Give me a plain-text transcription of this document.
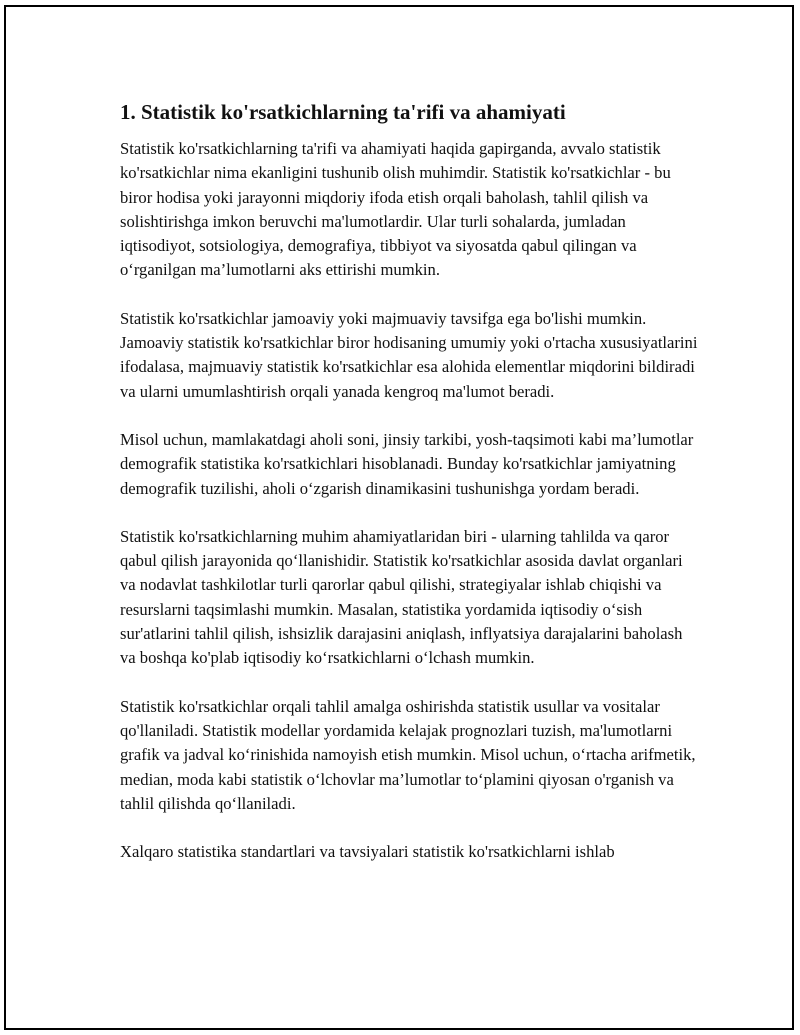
1. Statistik ko'rsatkichlarning ta'rifi va ahamiyati

Statistik ko'rsatkichlarning ta'rifi va ahamiyati haqida gapirganda, avvalo statistik ko'rsatkichlar nima ekanligini tushunib olish muhimdir. Statistik ko'rsatkichlar - bu biror hodisa yoki jarayonni miqdoriy ifoda etish orqali baholash, tahlil qilish va solishtirishga imkon beruvchi ma'lumotlardir. Ular turli sohalarda, jumladan iqtisodiyot, sotsiologiya, demografiya, tibbiyot va siyosatda qabul qilingan va o‘rganilgan ma’lumotlarni aks ettirishi mumkin.

Statistik ko'rsatkichlar jamoaviy yoki majmuaviy tavsifga ega bo'lishi mumkin. Jamoaviy statistik ko'rsatkichlar biror hodisaning umumiy yoki o'rtacha xususiyatlarini ifodalasa, majmuaviy statistik ko'rsatkichlar esa alohida elementlar miqdorini bildiradi va ularni umumlashtirish orqali yanada kengroq ma'lumot beradi.

Misol uchun, mamlakatdagi aholi soni, jinsiy tarkibi, yosh-taqsimoti kabi ma’lumotlar demografik statistika ko'rsatkichlari hisoblanadi. Bunday ko'rsatkichlar jamiyatning demografik tuzilishi, aholi o‘zgarish dinamikasini tushunishga yordam beradi.

Statistik ko'rsatkichlarning muhim ahamiyatlaridan biri - ularning tahlilda va qaror qabul qilish jarayonida qo‘llanishidir. Statistik ko'rsatkichlar asosida davlat organlari va nodavlat tashkilotlar turli qarorlar qabul qilishi, strategiyalar ishlab chiqishi va resurslarni taqsimlashi mumkin. Masalan, statistika yordamida iqtisodiy o‘sish sur'atlarini tahlil qilish, ishsizlik darajasini aniqlash, inflyatsiya darajalarini baholash va boshqa ko'plab iqtisodiy ko‘rsatkichlarni o‘lchash mumkin.

Statistik ko'rsatkichlar orqali tahlil amalga oshirishda statistik usullar va vositalar qo'llaniladi. Statistik modellar yordamida kelajak prognozlari tuzish, ma'lumotlarni grafik va jadval ko‘rinishida namoyish etish mumkin. Misol uchun, o‘rtacha arifmetik, median, moda kabi statistik o‘lchovlar ma’lumotlar to‘plamini qiyosan o'rganish va tahlil qilishda qo‘llaniladi.

Xalqaro statistika standartlari va tavsiyalari statistik ko'rsatkichlarni ishlab
